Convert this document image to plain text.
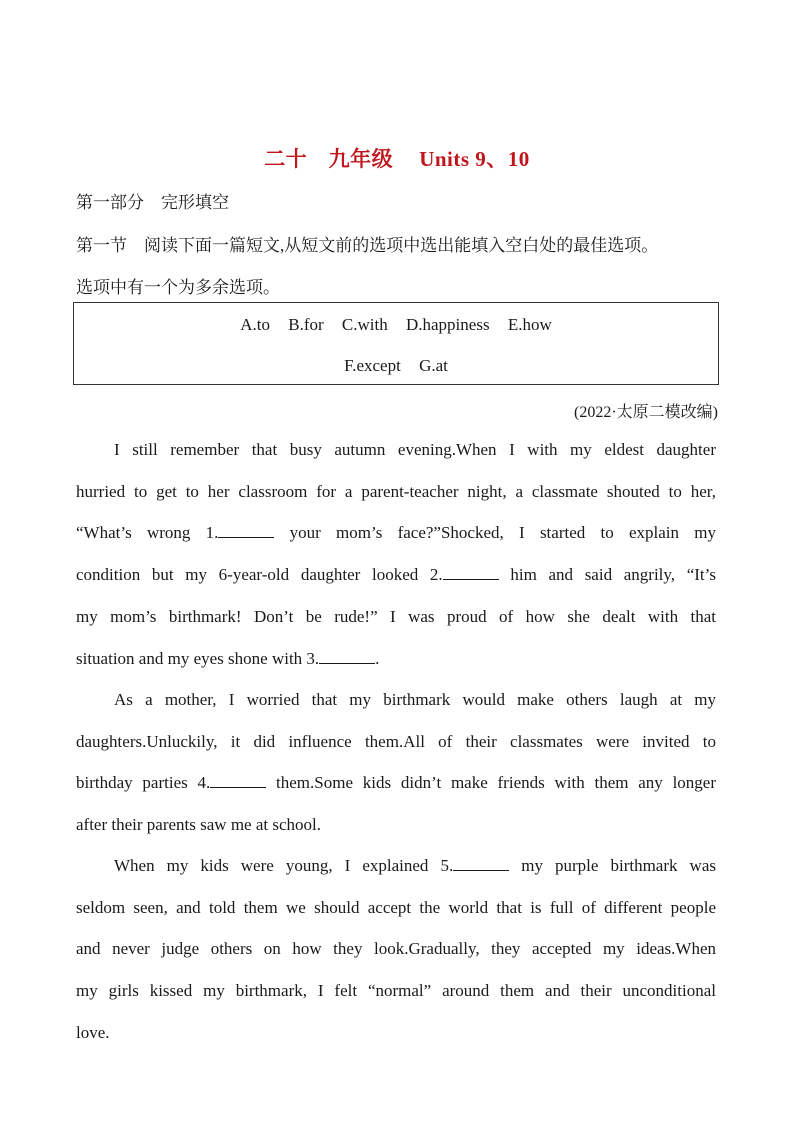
二十　九年级 Units 9、10
第一部分　完形填空
第一节　阅读下面一篇短文,从短文前的选项中选出能填入空白处的最佳选项。
选项中有一个为多余选项。
A.to B.for C.with D.happiness E.how
F.except G.at
(2022·太原二模改编)
I still remember that busy autumn evening.When I with my eldest daughter
hurried to get to her classroom for a parent-teacher night, a classmate shouted to her,
“What’s wrong 1.	your mom’s face?”Shocked, I started to explain my
condition but my 6-year-old daughter looked 2.	him and said angrily, “It’s
my mom’s birthmark! Don’t be rude!” I was proud of how she dealt with that
situation and my eyes shone with 3.	.
As a mother, I worried that my birthmark would make others laugh at my
daughters.Unluckily, it did influence them.All of their classmates were invited to
birthday parties 4.	them.Some kids didn’t make friends with them any longer
after their parents saw me at school.
When my kids were young, I explained 5.	my purple birthmark was
seldom seen, and told them we should accept the world that is full of different people
and never judge others on how they look.Gradually, they accepted my ideas.When
my girls kissed my birthmark, I felt “normal” around them and their unconditional
love.
